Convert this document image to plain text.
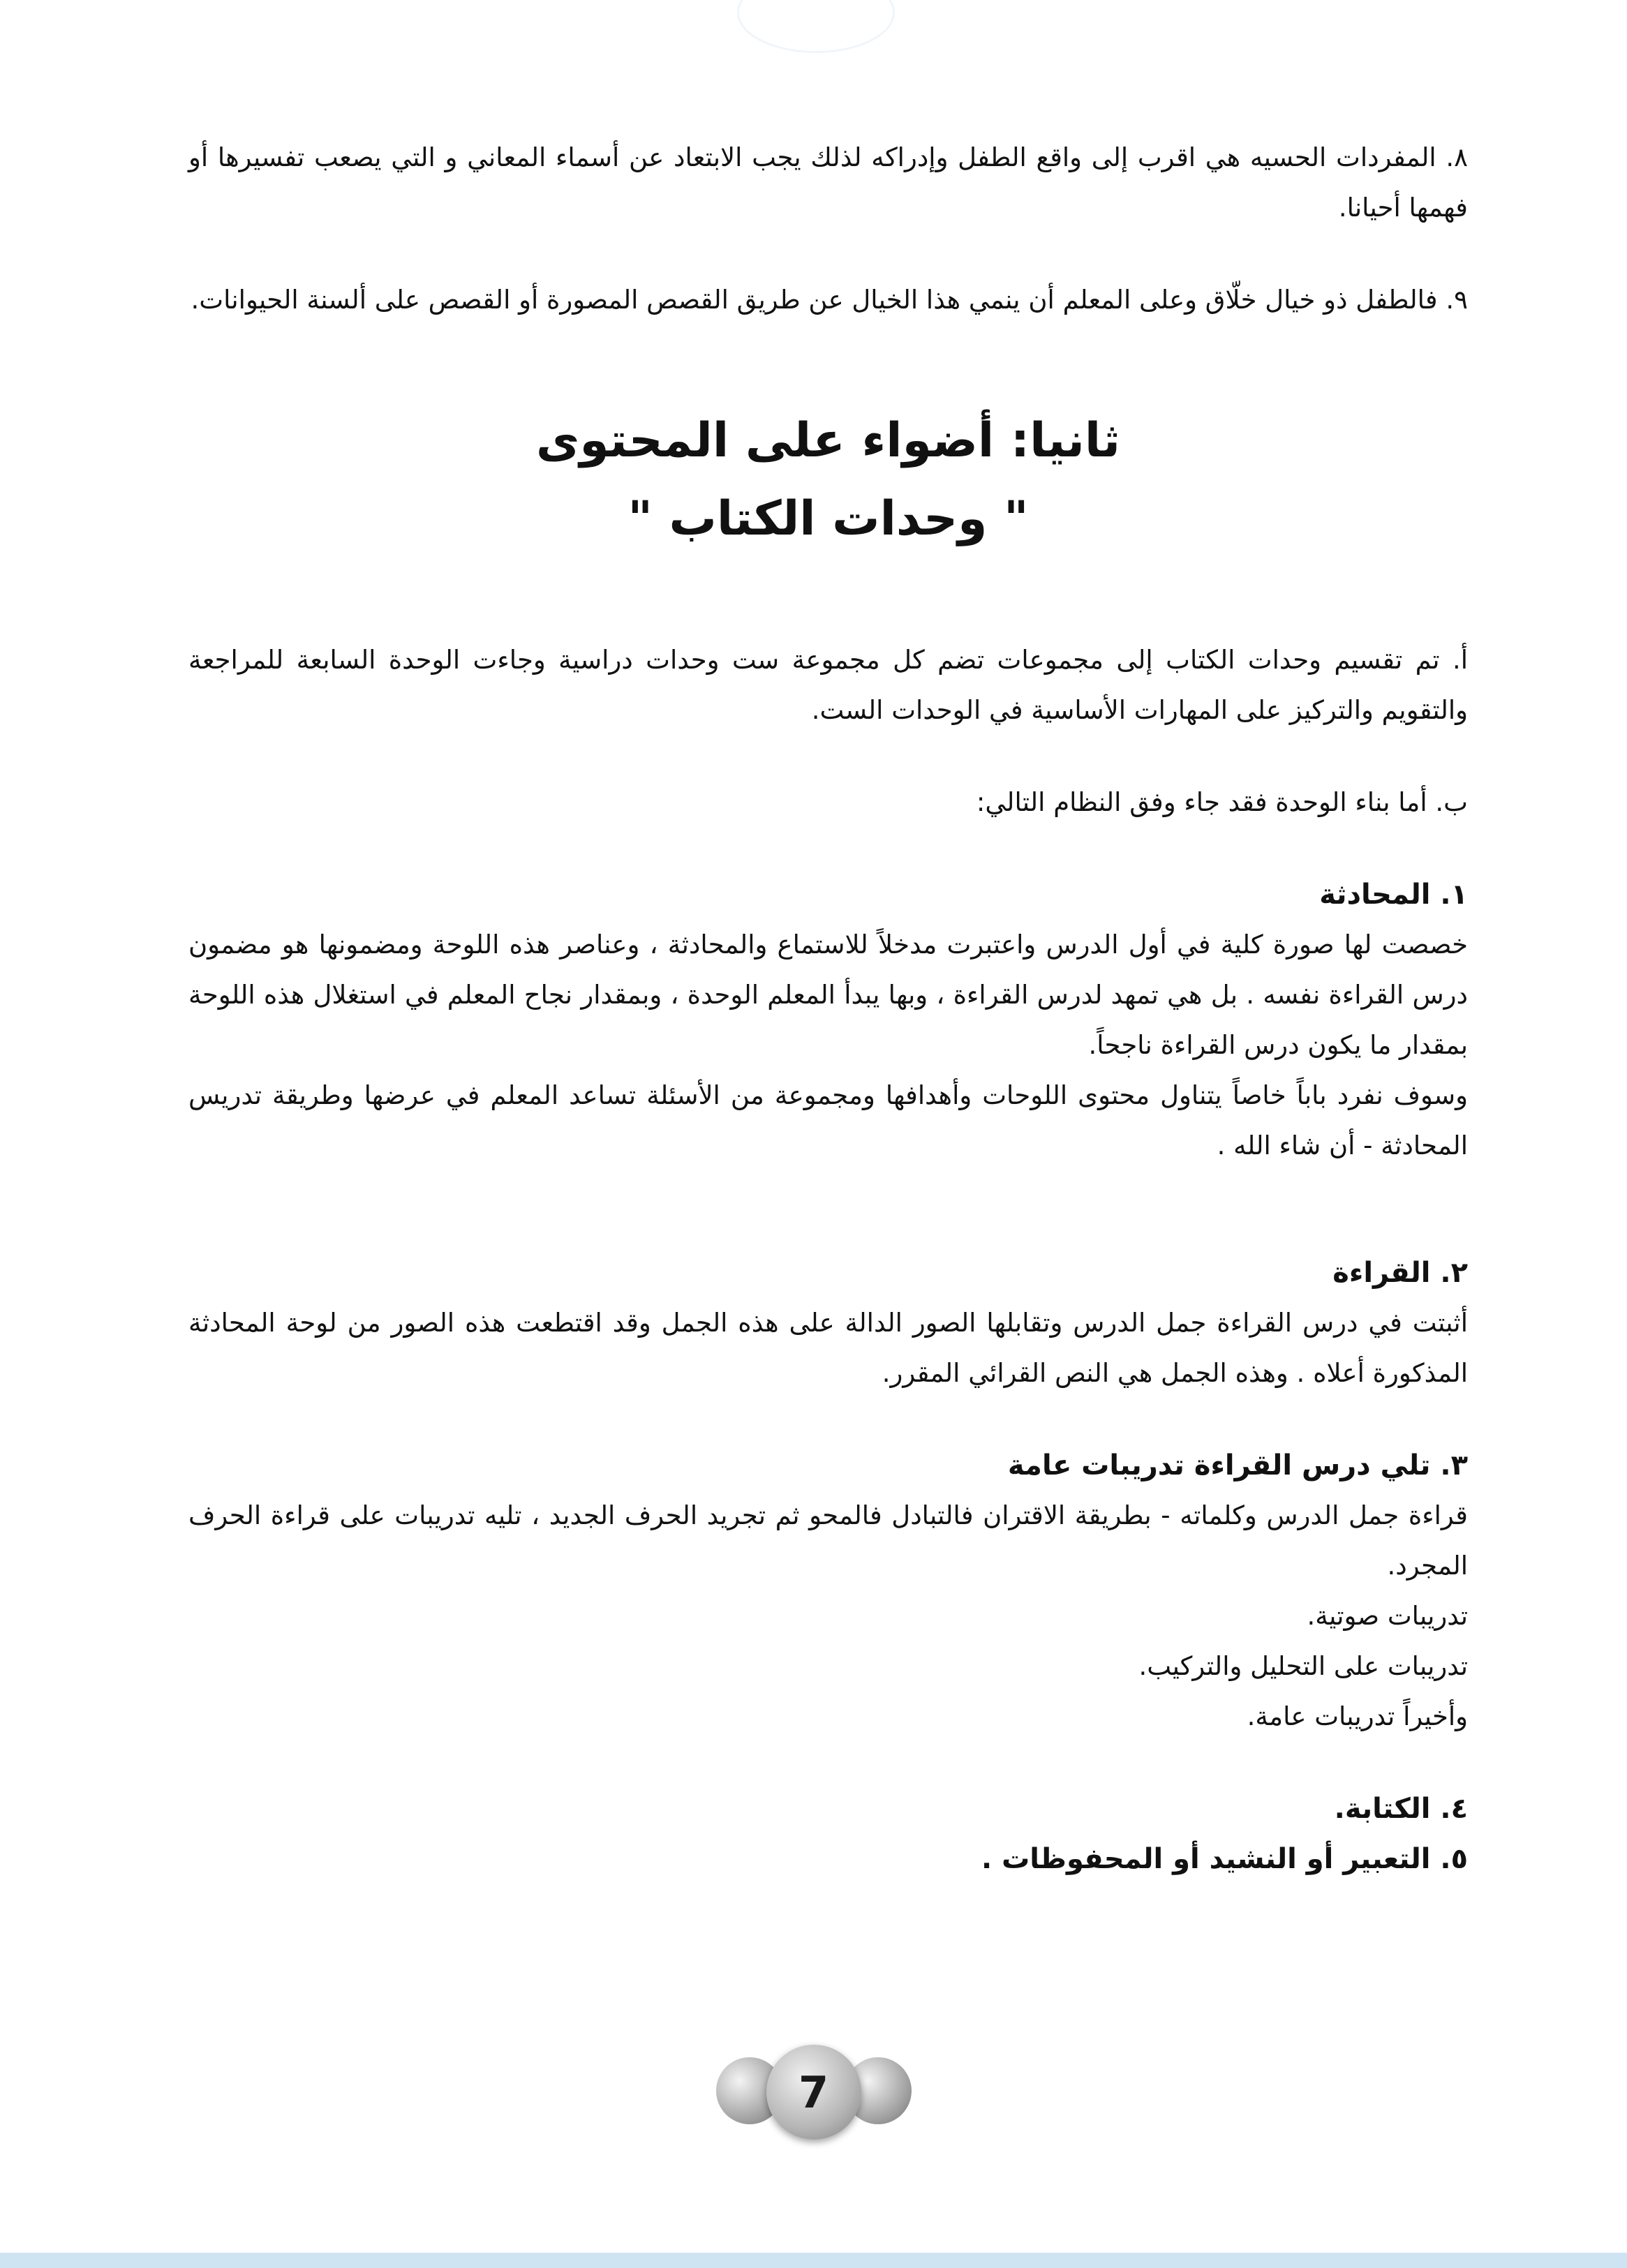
٨. المفردات الحسيه هي اقرب إلى واقع الطفل وإدراكه لذلك يجب الابتعاد عن أسماء المعاني و التي يصعب تفسيرها أو فهمها أحيانا.

٩. فالطفل ذو خيال خلّاق وعلى المعلم أن ينمي هذا الخيال عن طريق القصص المصورة أو القصص على ألسنة الحيوانات.

ثانيا: أضواء على المحتوى
" وحدات الكتاب "

أ. تم تقسيم وحدات الكتاب إلى مجموعات تضم كل مجموعة ست وحدات دراسية وجاءت الوحدة السابعة للمراجعة والتقويم والتركيز على المهارات الأساسية في الوحدات الست.

ب. أما بناء الوحدة فقد جاء وفق النظام التالي:

١. المحادثة

خصصت لها صورة كلية في أول الدرس واعتبرت مدخلاً للاستماع والمحادثة ، وعناصر هذه اللوحة ومضمونها هو مضمون درس القراءة نفسه . بل هي تمهد لدرس القراءة ، وبها يبدأ المعلم الوحدة ، وبمقدار نجاح المعلم في استغلال هذه اللوحة بمقدار ما يكون درس القراءة ناجحاً.

وسوف نفرد باباً خاصاً يتناول محتوى اللوحات وأهدافها ومجموعة من الأسئلة تساعد المعلم في عرضها وطريقة تدريس المحادثة - أن شاء الله .

٢. القراءة

أثبتت في درس القراءة جمل الدرس وتقابلها الصور الدالة على هذه الجمل وقد اقتطعت هذه الصور من لوحة المحادثة المذكورة أعلاه . وهذه الجمل هي النص القرائي المقرر.

٣. تلي درس القراءة تدريبات عامة

قراءة جمل الدرس وكلماته - بطريقة الاقتران فالتبادل فالمحو ثم تجريد الحرف الجديد ، تليه تدريبات على قراءة الحرف المجرد.

تدريبات صوتية.

تدريبات على التحليل والتركيب.

وأخيراً تدريبات عامة.

٤. الكتابة.

٥. التعبير أو النشيد أو المحفوظات .

7
